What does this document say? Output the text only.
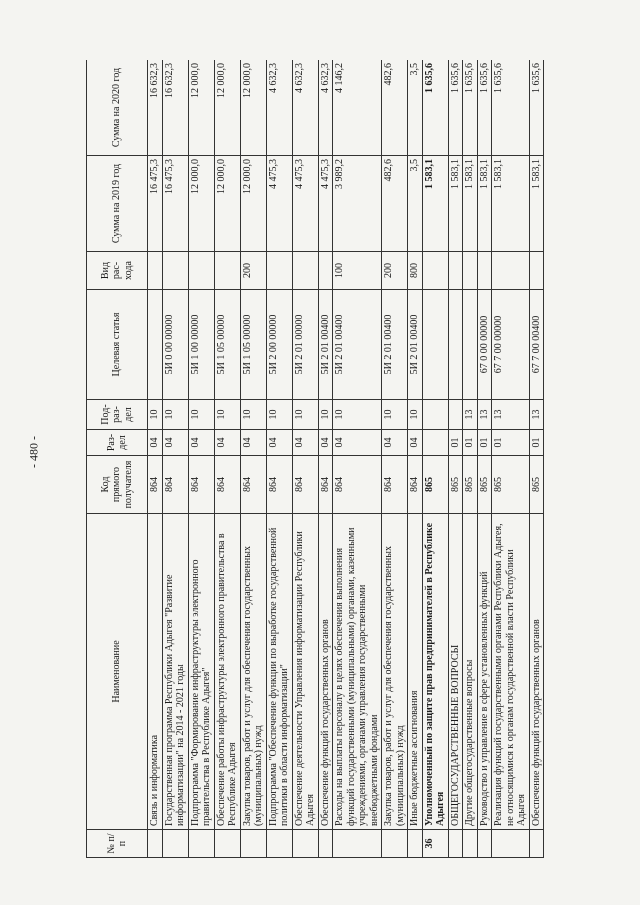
- 480 -
№ п/п	Наименование	Код прямого получателя	Раз- дел	Под- раз- дел	Целевая статья	Вид рас- хода	Сумма на 2019 год	Сумма на 2020 год
	Связь и информатика	864	04	10			16 475,3	16 632,3
	Государственная программа Республики Адыгея "Развитие информатизации" на 2014 - 2021 годы	864	04	10	5И 0 00 00000		16 475,3	16 632,3
	Подпрограмма "Формирование инфраструктуры электронного правительства в Республике Адыгея"	864	04	10	5И 1 00 00000		12 000,0	12 000,0
	Обеспечение работы инфраструктуры электронного правительства в Республике Адыгея	864	04	10	5И 1 05 00000		12 000,0	12 000,0
	Закупка товаров, работ и услуг для обеспечения государственных (муниципальных) нужд	864	04	10	5И 1 05 00000	200	12 000,0	12 000,0
	Подпрограмма "Обеспечение функции по выработке государственной политики в области информатизации"	864	04	10	5И 2 00 00000		4 475,3	4 632,3
	Обеспечение деятельности Управления информатизации Республики Адыгея	864	04	10	5И 2 01 00000		4 475,3	4 632,3
	Обеспечение функций государственных органов	864	04	10	5И 2 01 00400		4 475,3	4 632,3
	Расходы на выплаты персоналу в целях обеспечения выполнения функций государственными (муниципальными) органами, казенными учреждениями, органами управления государственными внебюджетными фондами	864	04	10	5И 2 01 00400	100	3 989,2	4 146,2
	Закупка товаров, работ и услуг для обеспечения государственных (муниципальных) нужд	864	04	10	5И 2 01 00400	200	482,6	482,6
	Иные бюджетные ассигнования	864	04	10	5И 2 01 00400	800	3,5	3,5
36	Уполномоченный по защите прав предпринимателей в Республике Адыгея	865					1 583,1	1 635,6
	ОБЩЕГОСУДАРСТВЕННЫЕ ВОПРОСЫ	865	01				1 583,1	1 635,6
	Другие общегосударственные вопросы	865	01	13			1 583,1	1 635,6
	Руководство и управление в сфере установленных функций	865	01	13	67 0 00 00000		1 583,1	1 635,6
	Реализация функций государственными органами Республики Адыгея, не относящимися к органам государственной власти Республики Адыгея	865	01	13	67 7 00 00000		1 583,1	1 635,6
	Обеспечение функций государственных органов	865	01	13	67 7 00 00400		1 583,1	1 635,6
